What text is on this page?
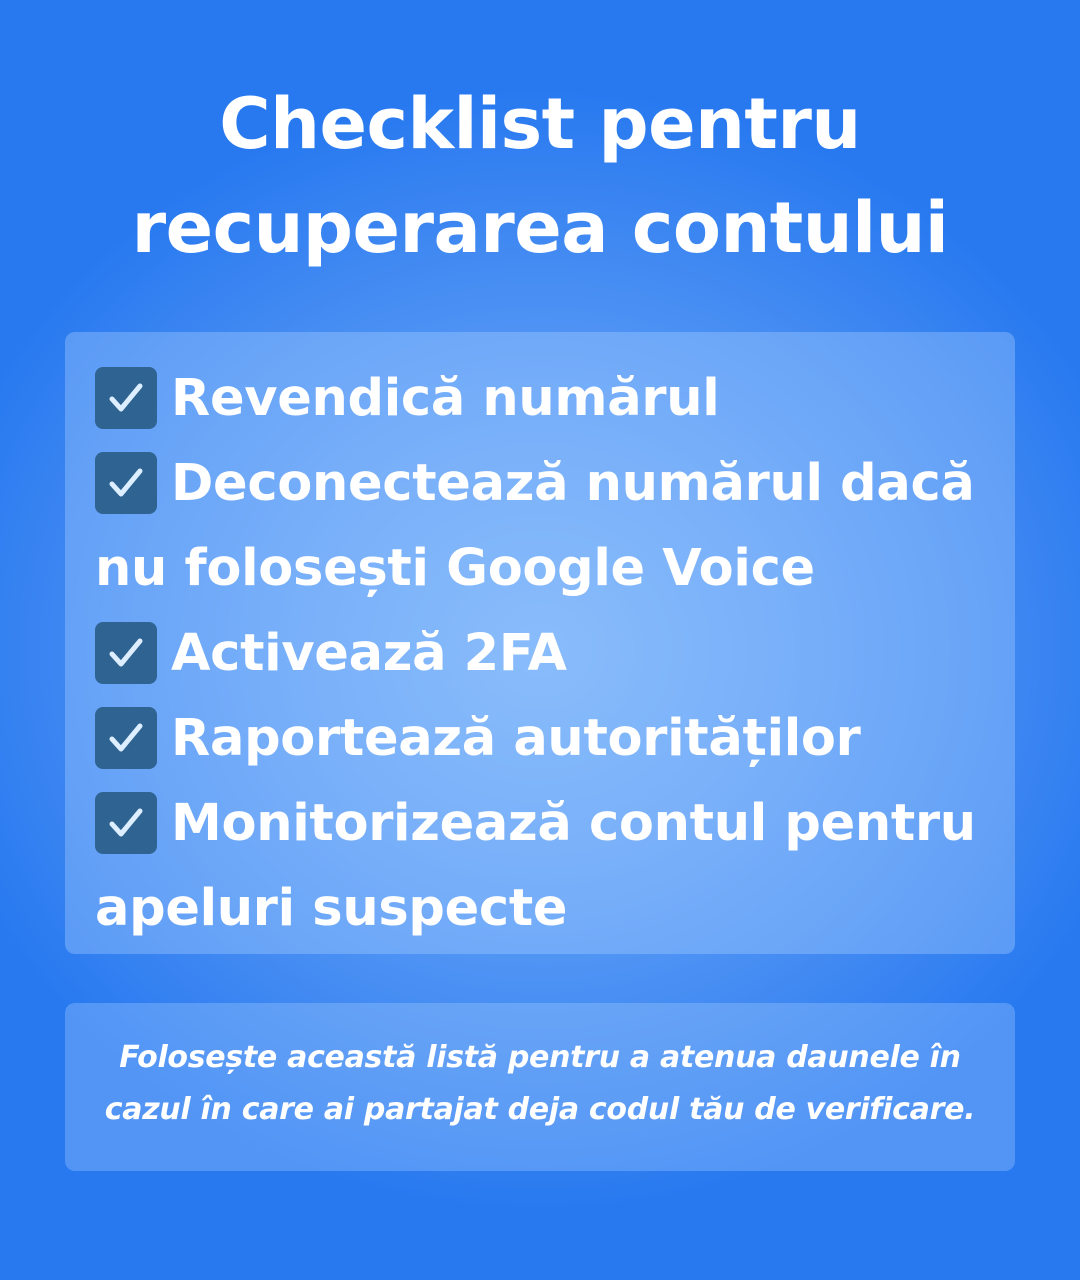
Checklist pentru
recuperarea contului
Revendică numărul
Deconectează numărul dacă
nu folosești Google Voice
Activează 2FA
Raportează autorităților
Monitorizează contul pentru
apeluri suspecte
Folosește această listă pentru a atenua daunele în
cazul în care ai partajat deja codul tău de verificare.
